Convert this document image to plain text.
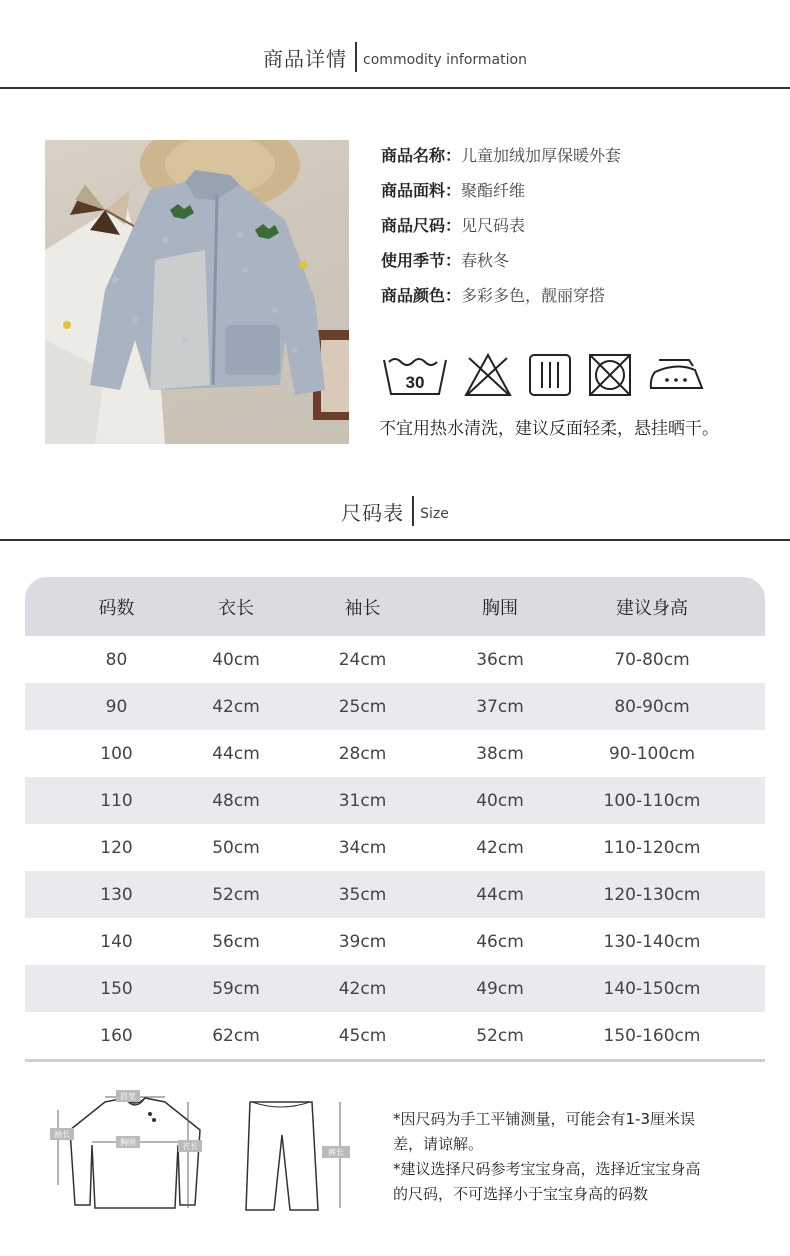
商品详情 commodity information
商品名称： 儿童加绒加厚保暖外套
商品面料： 聚酯纤维
商品尺码： 见尺码表
使用季节： 春秋冬
商品颜色： 多彩多色，靓丽穿搭
30
不宜用热水清洗，建议反面轻柔，悬挂晒干。
尺码表 Size
码数	衣长	袖长	胸围	建议身高
80	40cm	24cm	36cm	70-80cm
90	42cm	25cm	37cm	80-90cm
100	44cm	28cm	38cm	90-100cm
110	48cm	31cm	40cm	100-110cm
120	50cm	34cm	42cm	110-120cm
130	52cm	35cm	44cm	120-130cm
140	56cm	39cm	46cm	130-140cm
150	59cm	42cm	49cm	140-150cm
160	62cm	45cm	52cm	150-160cm
肩宽
胸围	衣长
袖长
裤长
*因尺码为手工平铺测量，可能会有1-3厘米误
差，请谅解。
*建议选择尺码参考宝宝身高，选择近宝宝身高
的尺码，不可选择小于宝宝身高的码数
